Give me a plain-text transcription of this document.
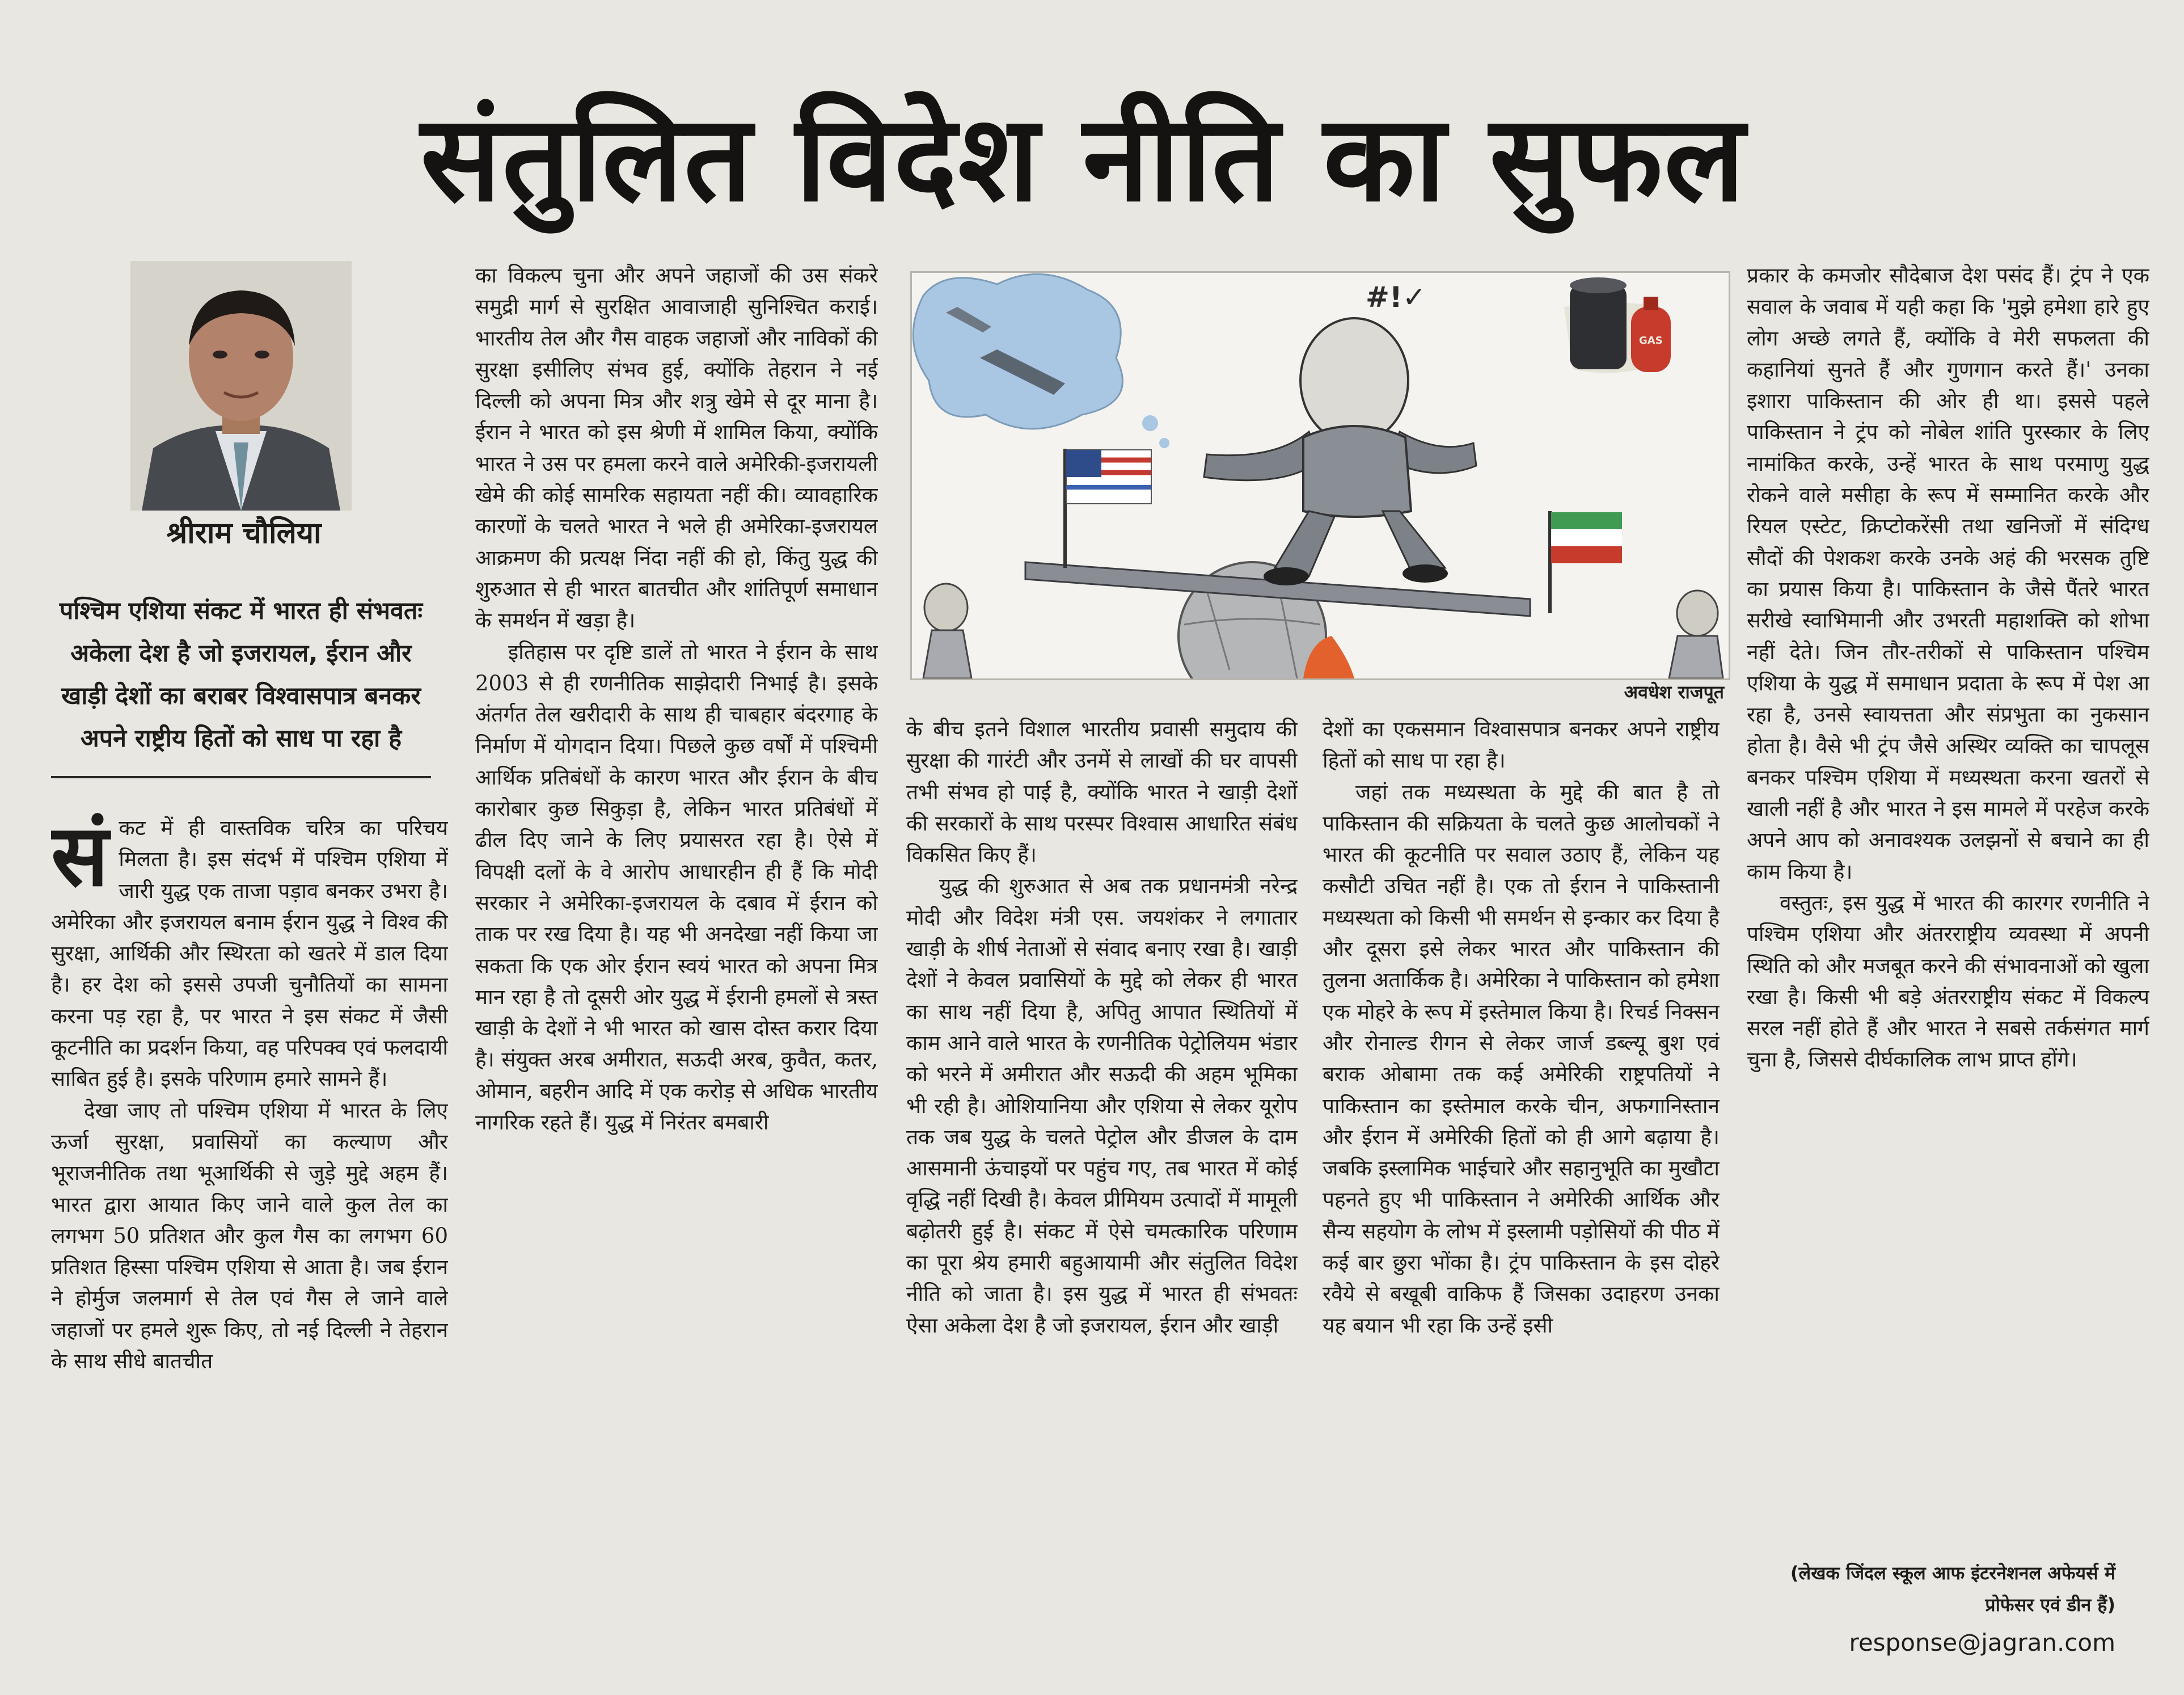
संतुलित विदेश नीति का सुफल
श्रीराम चौलिया
पश्चिम एशिया संकट में भारत ही संभवतः अकेला देश है जो इजरायल, ईरान और खाड़ी देशों का बराबर विश्वासपात्र बनकर अपने राष्ट्रीय हितों को साध पा रहा है

संकट में ही वास्तविक चरित्र का परिचय मिलता है। इस संदर्भ में पश्चिम एशिया में जारी युद्ध एक ताजा पड़ाव बनकर उभरा है। अमेरिका और इजरायल बनाम ईरान युद्ध ने विश्व की सुरक्षा, आर्थिकी और स्थिरता को खतरे में डाल दिया है। हर देश को इससे उपजी चुनौतियों का सामना करना पड़ रहा है, पर भारत ने इस संकट में जैसी कूटनीति का प्रदर्शन किया, वह परिपक्व एवं फलदायी साबित हुई है। इसके परिणाम हमारे सामने हैं।

देखा जाए तो पश्चिम एशिया में भारत के लिए ऊर्जा सुरक्षा, प्रवासियों का कल्याण और भूराजनीतिक तथा भूआर्थिकी से जुड़े मुद्दे अहम हैं। भारत द्वारा आयात किए जाने वाले कुल तेल का लगभग 50 प्रतिशत और कुल गैस का लगभग 60 प्रतिशत हिस्सा पश्चिम एशिया से आता है। जब ईरान ने होर्मुज जलमार्ग से तेल एवं गैस ले जाने वाले जहाजों पर हमले शुरू किए, तो नई दिल्ली ने तेहरान के साथ सीधे बातचीत

का विकल्प चुना और अपने जहाजों की उस संकरे समुद्री मार्ग से सुरक्षित आवाजाही सुनिश्चित कराई। भारतीय तेल और गैस वाहक जहाजों और नाविकों की सुरक्षा इसीलिए संभव हुई, क्योंकि तेहरान ने नई दिल्ली को अपना मित्र और शत्रु खेमे से दूर माना है। ईरान ने भारत को इस श्रेणी में शामिल किया, क्योंकि भारत ने उस पर हमला करने वाले अमेरिकी-इजरायली खेमे की कोई सामरिक सहायता नहीं की। व्यावहारिक कारणों के चलते भारत ने भले ही अमेरिका-इजरायल आक्रमण की प्रत्यक्ष निंदा नहीं की हो, किंतु युद्ध की शुरुआत से ही भारत बातचीत और शांतिपूर्ण समाधान के समर्थन में खड़ा है।

इतिहास पर दृष्टि डालें तो भारत ने ईरान के साथ 2003 से ही रणनीतिक साझेदारी निभाई है। इसके अंतर्गत तेल खरीदारी के साथ ही चाबहार बंदरगाह के निर्माण में योगदान दिया। पिछले कुछ वर्षों में पश्चिमी आर्थिक प्रतिबंधों के कारण भारत और ईरान के बीच कारोबार कुछ सिकुड़ा है, लेकिन भारत प्रतिबंधों में ढील दिए जाने के लिए प्रयासरत रहा है। ऐसे में विपक्षी दलों के वे आरोप आधारहीन ही हैं कि मोदी सरकार ने अमेरिका-इजरायल के दबाव में ईरान को ताक पर रख दिया है। यह भी अनदेखा नहीं किया जा सकता कि एक ओर ईरान स्वयं भारत को अपना मित्र मान रहा है तो दूसरी ओर युद्ध में ईरानी हमलों से त्रस्त खाड़ी के देशों ने भी भारत को खास दोस्त करार दिया है। संयुक्त अरब अमीरात, सऊदी अरब, कुवैत, कतर, ओमान, बहरीन आदि में एक करोड़ से अधिक भारतीय नागरिक रहते हैं। युद्ध में निरंतर बमबारी

#!✓
GAS
अवधेश राजपूत

के बीच इतने विशाल भारतीय प्रवासी समुदाय की सुरक्षा की गारंटी और उनमें से लाखों की घर वापसी तभी संभव हो पाई है, क्योंकि भारत ने खाड़ी देशों की सरकारों के साथ परस्पर विश्वास आधारित संबंध विकसित किए हैं।

युद्ध की शुरुआत से अब तक प्रधानमंत्री नरेन्द्र मोदी और विदेश मंत्री एस. जयशंकर ने लगातार खाड़ी के शीर्ष नेताओं से संवाद बनाए रखा है। खाड़ी देशों ने केवल प्रवासियों के मुद्दे को लेकर ही भारत का साथ नहीं दिया है, अपितु आपात स्थितियों में काम आने वाले भारत के रणनीतिक पेट्रोलियम भंडार को भरने में अमीरात और सऊदी की अहम भूमिका भी रही है। ओशियानिया और एशिया से लेकर यूरोप तक जब युद्ध के चलते पेट्रोल और डीजल के दाम आसमानी ऊंचाइयों पर पहुंच गए, तब भारत में कोई वृद्धि नहीं दिखी है। केवल प्रीमियम उत्पादों में मामूली बढ़ोतरी हुई है। संकट में ऐसे चमत्कारिक परिणाम का पूरा श्रेय हमारी बहुआयामी और संतुलित विदेश नीति को जाता है। इस युद्ध में भारत ही संभवतः ऐसा अकेला देश है जो इजरायल, ईरान और खाड़ी

देशों का एकसमान विश्वासपात्र बनकर अपने राष्ट्रीय हितों को साध पा रहा है।

जहां तक मध्यस्थता के मुद्दे की बात है तो पाकिस्तान की सक्रियता के चलते कुछ आलोचकों ने भारत की कूटनीति पर सवाल उठाए हैं, लेकिन यह कसौटी उचित नहीं है। एक तो ईरान ने पाकिस्तानी मध्यस्थता को किसी भी समर्थन से इन्कार कर दिया है और दूसरा इसे लेकर भारत और पाकिस्तान की तुलना अतार्किक है। अमेरिका ने पाकिस्तान को हमेशा एक मोहरे के रूप में इस्तेमाल किया है। रिचर्ड निक्सन और रोनाल्ड रीगन से लेकर जार्ज डब्ल्यू बुश एवं बराक ओबामा तक कई अमेरिकी राष्ट्रपतियों ने पाकिस्तान का इस्तेमाल करके चीन, अफगानिस्तान और ईरान में अमेरिकी हितों को ही आगे बढ़ाया है। जबकि इस्लामिक भाईचारे और सहानुभूति का मुखौटा पहनते हुए भी पाकिस्तान ने अमेरिकी आर्थिक और सैन्य सहयोग के लोभ में इस्लामी पड़ोसियों की पीठ में कई बार छुरा भोंका है। ट्रंप पाकिस्तान के इस दोहरे रवैये से बखूबी वाकिफ हैं जिसका उदाहरण उनका यह बयान भी रहा कि उन्हें इसी

प्रकार के कमजोर सौदेबाज देश पसंद हैं। ट्रंप ने एक सवाल के जवाब में यही कहा कि 'मुझे हमेशा हारे हुए लोग अच्छे लगते हैं, क्योंकि वे मेरी सफलता की कहानियां सुनते हैं और गुणगान करते हैं।' उनका इशारा पाकिस्तान की ओर ही था। इससे पहले पाकिस्तान ने ट्रंप को नोबेल शांति पुरस्कार के लिए नामांकित करके, उन्हें भारत के साथ परमाणु युद्ध रोकने वाले मसीहा के रूप में सम्मानित करके और रियल एस्टेट, क्रिप्टोकरेंसी तथा खनिजों में संदिग्ध सौदों की पेशकश करके उनके अहं की भरसक तुष्टि का प्रयास किया है। पाकिस्तान के जैसे पैंतरे भारत सरीखे स्वाभिमानी और उभरती महाशक्ति को शोभा नहीं देते। जिन तौर-तरीकों से पाकिस्तान पश्चिम एशिया के युद्ध में समाधान प्रदाता के रूप में पेश आ रहा है, उनसे स्वायत्तता और संप्रभुता का नुकसान होता है। वैसे भी ट्रंप जैसे अस्थिर व्यक्ति का चापलूस बनकर पश्चिम एशिया में मध्यस्थता करना खतरों से खाली नहीं है और भारत ने इस मामले में परहेज करके अपने आप को अनावश्यक उलझनों से बचाने का ही काम किया है।

वस्तुतः, इस युद्ध में भारत की कारगर रणनीति ने पश्चिम एशिया और अंतरराष्ट्रीय व्यवस्था में अपनी स्थिति को और मजबूत करने की संभावनाओं को खुला रखा है। किसी भी बड़े अंतरराष्ट्रीय संकट में विकल्प सरल नहीं होते हैं और भारत ने सबसे तर्कसंगत मार्ग चुना है, जिससे दीर्घकालिक लाभ प्राप्त होंगे।

(लेखक जिंदल स्कूल आफ इंटरनेशनल अफेयर्स में प्रोफेसर एवं डीन हैं)
response@jagran.com
